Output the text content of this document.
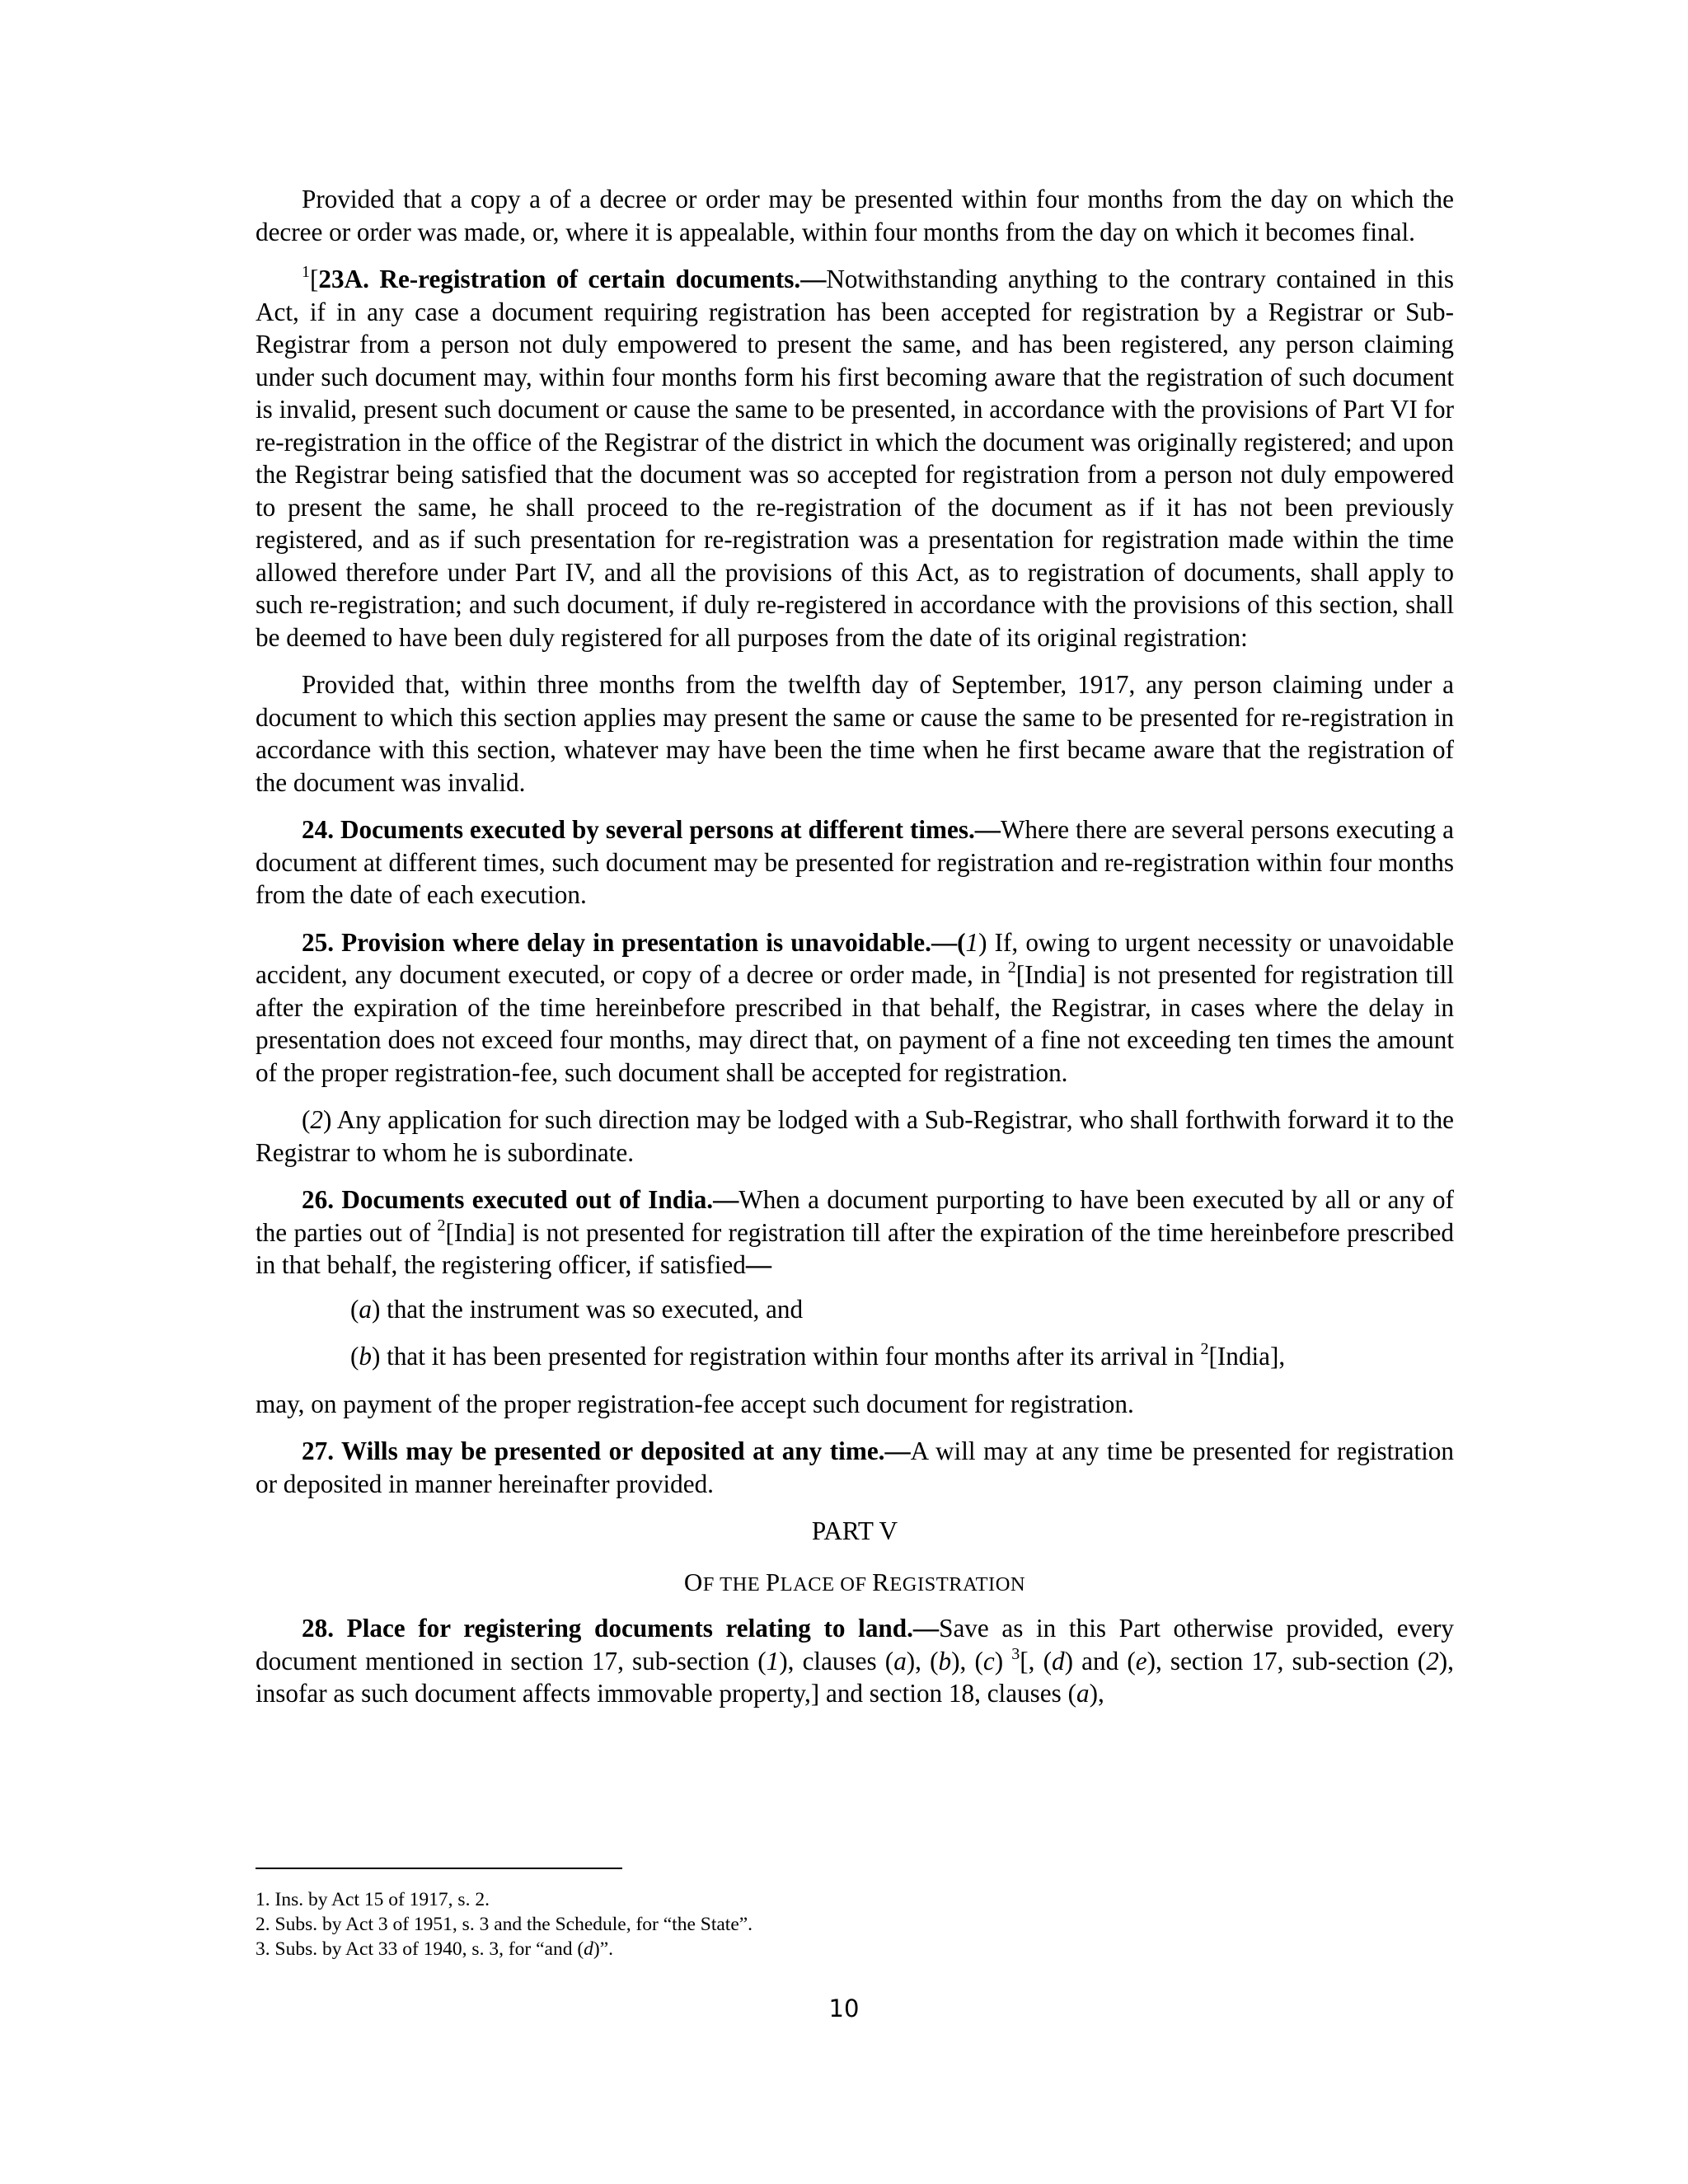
Provided that a copy a of a decree or order may be presented within four months from the day on which the decree or order was made, or, where it is appealable, within four months from the day on which it becomes final.

$^1$[23A. Re-registration of certain documents.—Notwithstanding anything to the contrary contained in this Act, if in any case a document requiring registration has been accepted for registration by a Registrar or Sub-Registrar from a person not duly empowered to present the same, and has been registered, any person claiming under such document may, within four months form his first becoming aware that the registration of such document is invalid, present such document or cause the same to be presented, in accordance with the provisions of Part VI for re-registration in the office of the Registrar of the district in which the document was originally registered; and upon the Registrar being satisfied that the document was so accepted for registration from a person not duly empowered to present the same, he shall proceed to the re-registration of the document as if it has not been previously registered, and as if such presentation for re-registration was a presentation for registration made within the time allowed therefore under Part IV, and all the provisions of this Act, as to registration of documents, shall apply to such re-registration; and such document, if duly re-registered in accordance with the provisions of this section, shall be deemed to have been duly registered for all purposes from the date of its original registration:

Provided that, within three months from the twelfth day of September, 1917, any person claiming under a document to which this section applies may present the same or cause the same to be presented for re-registration in accordance with this section, whatever may have been the time when he first became aware that the registration of the document was invalid.

24. Documents executed by several persons at different times.—Where there are several persons executing a document at different times, such document may be presented for registration and re-registration within four months from the date of each execution.

25. Provision where delay in presentation is unavoidable.—(1) If, owing to urgent necessity or unavoidable accident, any document executed, or copy of a decree or order made, in $^2$[India] is not presented for registration till after the expiration of the time hereinbefore prescribed in that behalf, the Registrar, in cases where the delay in presentation does not exceed four months, may direct that, on payment of a fine not exceeding ten times the amount of the proper registration-fee, such document shall be accepted for registration.

(2) Any application for such direction may be lodged with a Sub-Registrar, who shall forthwith forward it to the Registrar to whom he is subordinate.

26. Documents executed out of India.—When a document purporting to have been executed by all or any of the parties out of $^2$[India] is not presented for registration till after the expiration of the time hereinbefore prescribed in that behalf, the registering officer, if satisfied—

(a) that the instrument was so executed, and

(b) that it has been presented for registration within four months after its arrival in $^2$[India],

may, on payment of the proper registration-fee accept such document for registration.

27. Wills may be presented or deposited at any time.—A will may at any time be presented for registration or deposited in manner hereinafter provided.

PART V

OF THE PLACE OF REGISTRATION

28. Place for registering documents relating to land.—Save as in this Part otherwise provided, every document mentioned in section 17, sub-section (1), clauses (a), (b), (c) $^3$[, (d) and (e), section 17, sub-section (2), insofar as such document affects immovable property,] and section 18, clauses (a),

1. Ins. by Act 15 of 1917, s. 2.
2. Subs. by Act 3 of 1951, s. 3 and the Schedule, for “the State”.
3. Subs. by Act 33 of 1940, s. 3, for “and (d)”.
10
